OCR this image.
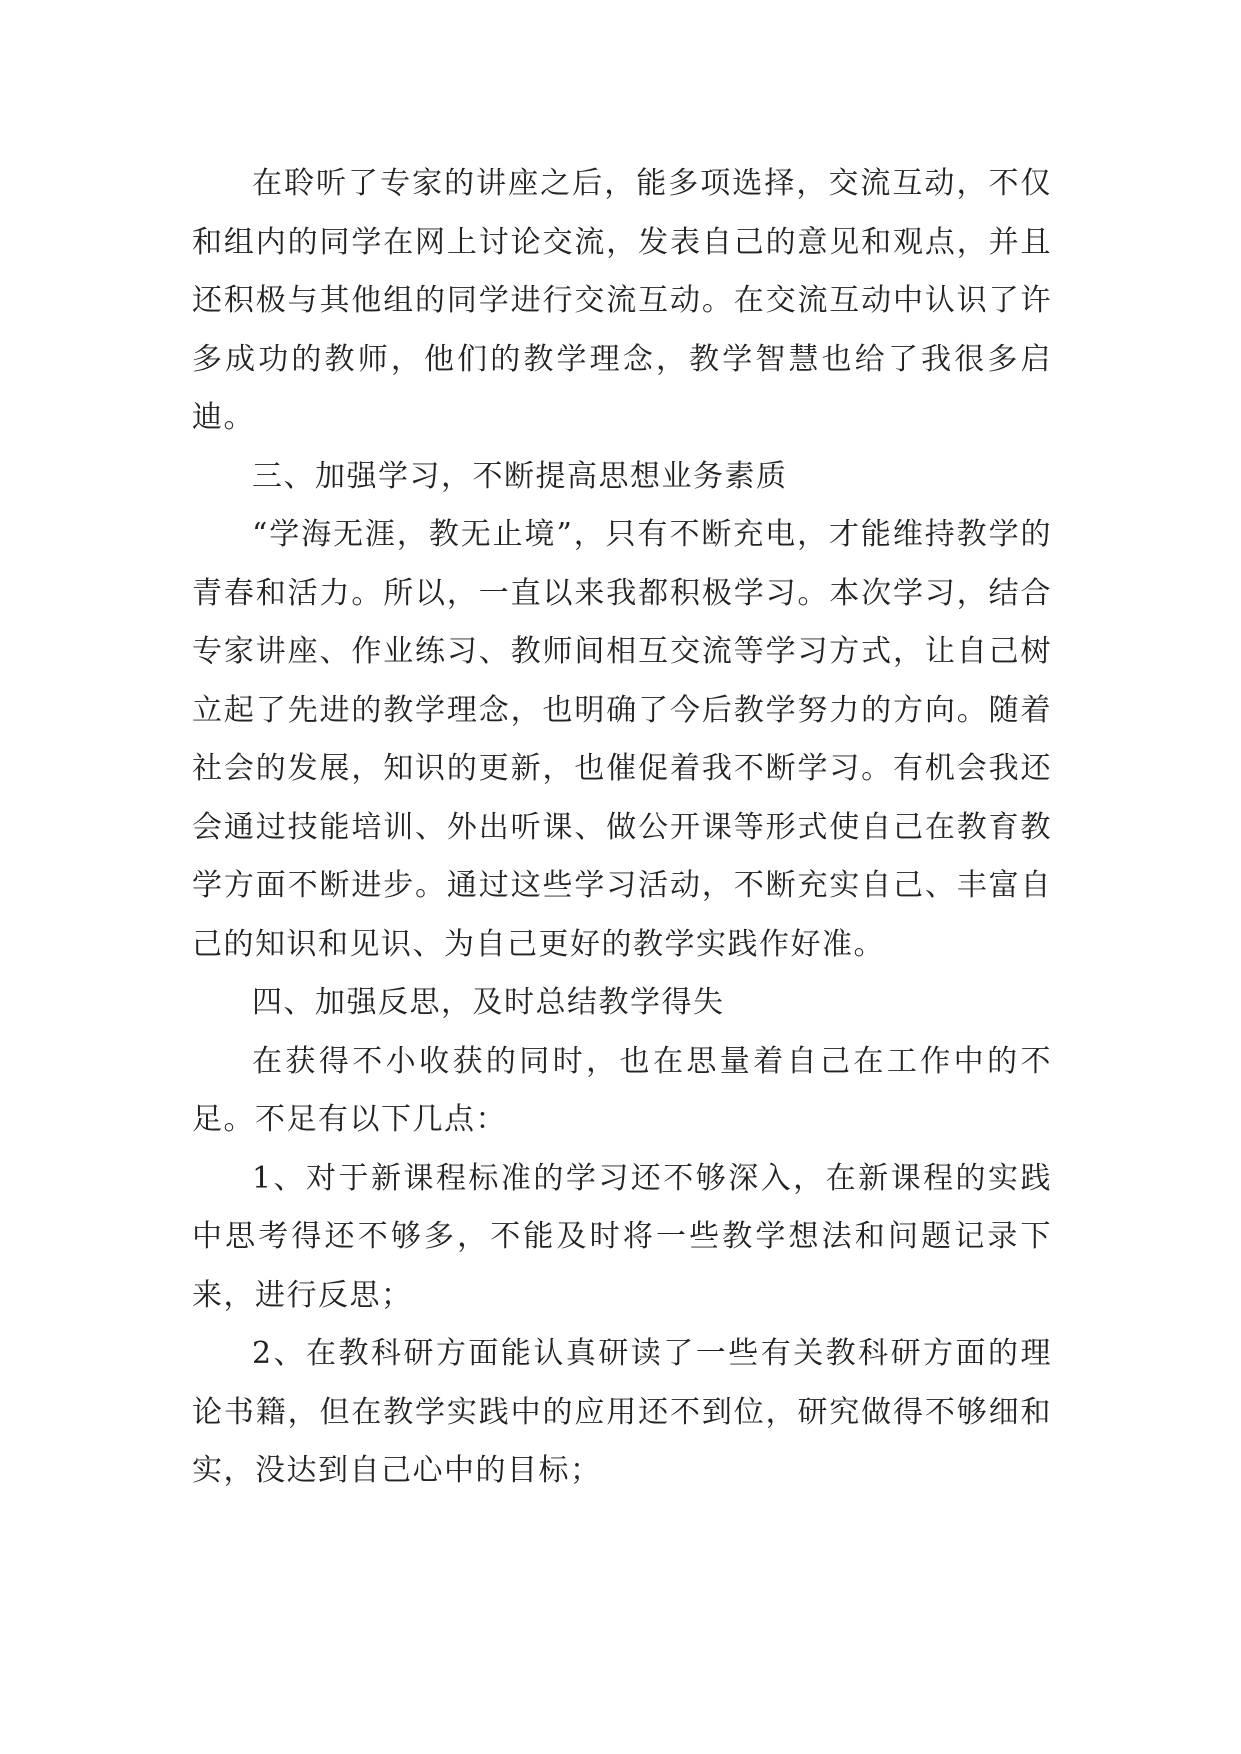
在聆听了专家的讲座之后，能多项选择，交流互动，不仅和组内的同学在网上讨论交流，发表自己的意见和观点，并且还积极与其他组的同学进行交流互动。在交流互动中认识了许多成功的教师，他们的教学理念，教学智慧也给了我很多启迪。

三、加强学习，不断提高思想业务素质

“学海无涯，教无止境”，只有不断充电，才能维持教学的青春和活力。所以，一直以来我都积极学习。本次学习，结合专家讲座、作业练习、教师间相互交流等学习方式，让自己树立起了先进的教学理念，也明确了今后教学努力的方向。随着社会的发展，知识的更新，也催促着我不断学习。有机会我还会通过技能培训、外出听课、做公开课等形式使自己在教育教学方面不断进步。通过这些学习活动，不断充实自己、丰富自己的知识和见识、为自己更好的教学实践作好准。

四、加强反思，及时总结教学得失

在获得不小收获的同时，也在思量着自己在工作中的不足。不足有以下几点：

1、对于新课程标准的学习还不够深入，在新课程的实践中思考得还不够多，不能及时将一些教学想法和问题记录下来，进行反思；

2、在教科研方面能认真研读了一些有关教科研方面的理论书籍，但在教学实践中的应用还不到位，研究做得不够细和实，没达到自己心中的目标；
